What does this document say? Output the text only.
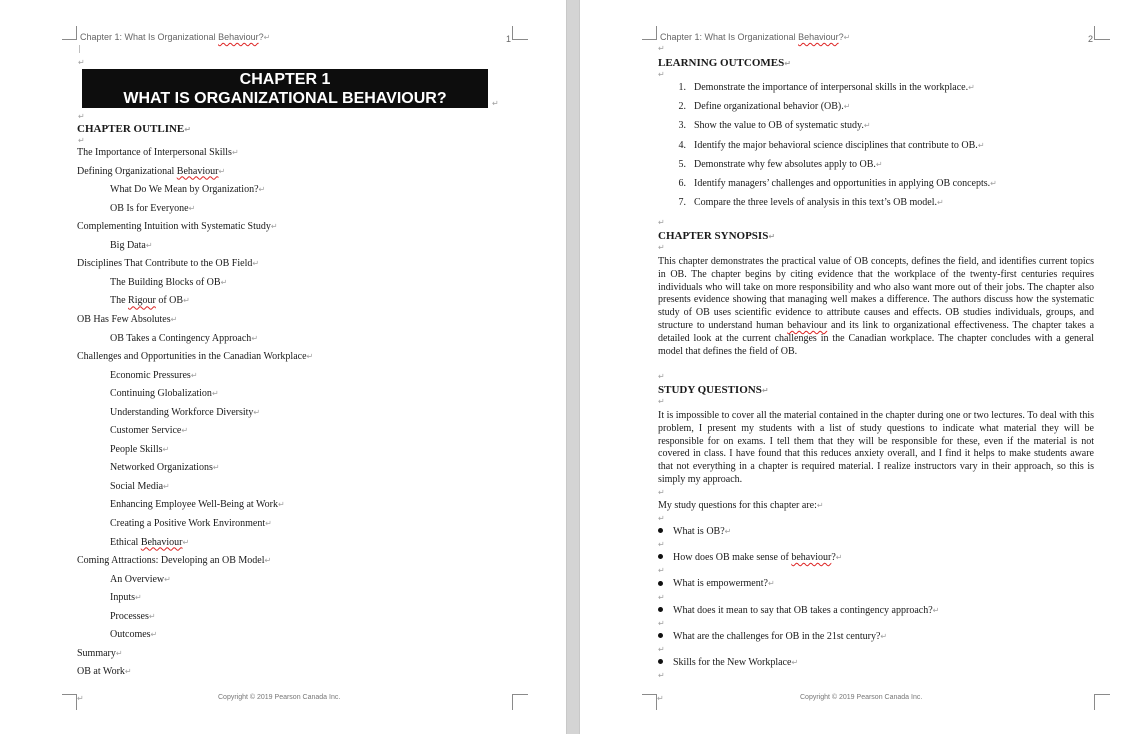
Chapter 1: What Is Organizational Behaviour?↵	1
|
↵
CHAPTER 1
WHAT IS ORGANIZATIONAL BEHAVIOUR?	↵
↵
CHAPTER OUTLINE↵
↵
The Importance of Interpersonal Skills↵
Defining Organizational Behaviour↵
What Do We Mean by Organization?↵
OB Is for Everyone↵
Complementing Intuition with Systematic Study↵
Big Data↵
Disciplines That Contribute to the OB Field↵
The Building Blocks of OB↵
The Rigour of OB↵
OB Has Few Absolutes↵
OB Takes a Contingency Approach↵
Challenges and Opportunities in the Canadian Workplace↵
Economic Pressures↵
Continuing Globalization↵
Understanding Workforce Diversity↵
Customer Service↵
People Skills↵
Networked Organizations↵
Social Media↵
Enhancing Employee Well-Being at Work↵
Creating a Positive Work Environment↵
Ethical Behaviour↵
Coming Attractions: Developing an OB Model↵
An Overview↵
Inputs↵
Processes↵
Outcomes↵
Summary↵
OB at Work↵
↵	Copyright © 2019 Pearson Canada Inc.
Chapter 1: What Is Organizational Behaviour?↵	2
↵
LEARNING OUTCOMES↵
↵
1. Demonstrate the importance of interpersonal skills in the workplace.↵
2. Define organizational behavior (OB).↵
3. Show the value to OB of systematic study.↵
4. Identify the major behavioral science disciplines that contribute to OB.↵
5. Demonstrate why few absolutes apply to OB.↵
6. Identify managers’ challenges and opportunities in applying OB concepts.↵
7. Compare the three levels of analysis in this text’s OB model.↵
↵
CHAPTER SYNOPSIS↵
↵
This chapter demonstrates the practical value of OB concepts, defines the field, and identifies current topics in OB. The chapter begins by citing evidence that the workplace of the twenty-first centuries requires individuals who will take on more responsibility and who also want more out of their jobs. The chapter also presents evidence showing that managing well makes a difference. The authors discuss how the systematic study of OB uses scientific evidence to attribute causes and effects. OB studies individuals, groups, and structure to understand human behaviour and its link to organizational effectiveness. The chapter takes a detailed look at the current challenges in the Canadian workplace. The chapter concludes with a general model that defines the field of OB.
↵
STUDY QUESTIONS↵
↵
It is impossible to cover all the material contained in the chapter during one or two lectures. To deal with this problem, I present my students with a list of study questions to indicate what material they will be responsible for on exams. I tell them that they will be responsible for these, even if the material is not covered in class. I have found that this reduces anxiety overall, and I find it helps to make students aware that not everything in a chapter is required material. I realize instructors vary in their approach, so this is simply my approach.
↵
My study questions for this chapter are:↵
↵
What is OB?↵
↵
How does OB make sense of behaviour?↵
↵
What is empowerment?↵
↵
What does it mean to say that OB takes a contingency approach?↵
↵
What are the challenges for OB in the 21st century?↵
↵
Skills for the New Workplace↵
↵
↵	Copyright © 2019 Pearson Canada Inc.
